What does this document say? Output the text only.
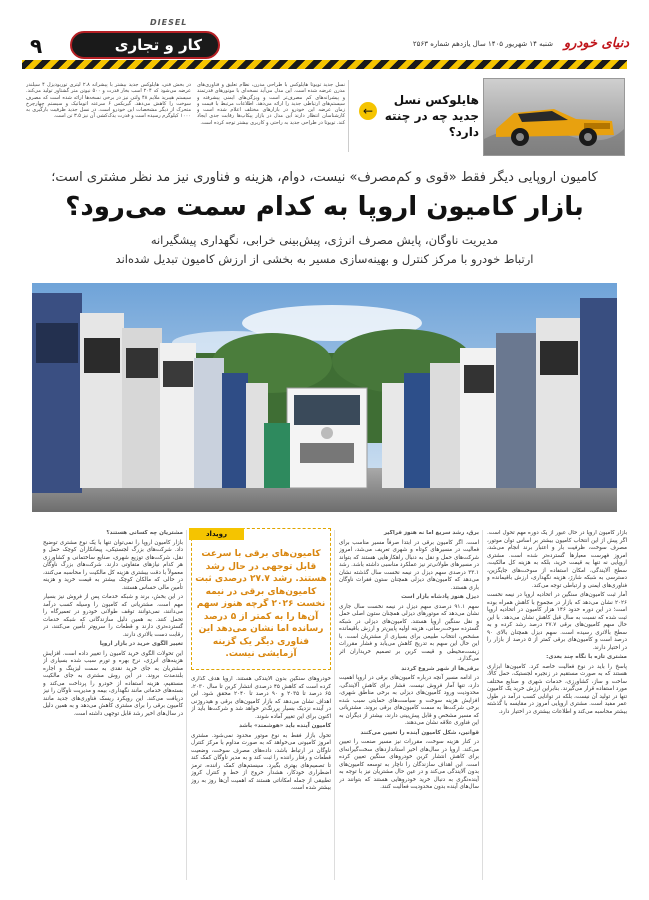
دنیای خودرو
شنبه ۱۴ شهریور ۱۴۰۵ سال یازدهم شماره ۲۵۶۳
DIESEL
کار و تجاری
۹
هایلوکس نسل جدید چه در چنته دارد؟
←
نسل جدید تویوتا هایلوکس با طراحی مدرن، نظام تعلیق و فناوری‌های مدرن عرضه شده است. این مدل می‌آید نسخه‌ای با موتورهای قدرتمند و پیشرانه‌های کم مصرف‌تر است و ویژگی‌های ایمنی پیشرفته و سیستم‌های ارتباطی جدید را ارائه می‌دهد. اطلاعات مرتبط با قیمت و زمان عرضه این خودرو در بازارهای مختلف اعلام شده است و کارشناسان انتظار دارند این مدل در بازار پیکاپ‌ها رقابت جدی ایجاد کند. تویوتا در طراحی جدید به راحتی و کاربری بیشتر توجه کرده است.
در بخش فنی، هایلوکس جدید بیشتر با پیشرانه ۲.۸ لیتری توربودیزل ۴ سیلندر عرضه می‌شود که ۲۰۴ اسب بخار قدرت و ۵۰۰ نیوتن متر گشتاور تولید می‌کند. سیستم هیبرید ملایم ۴۸ ولتی نیز در برخی نسخه‌ها ارائه شده است که مصرف سوخت را کاهش می‌دهد. گیربکس ۶ سرعته اتوماتیک و سیستم چهارچرخ متحرک از دیگر مشخصات این خودرو است. در نسل جدید ظرفیت بارگیری به ۱۰۰۰ کیلوگرم رسیده است و قدرت یدک‌کشی آن نیز ۳.۵ تن است.
کامیون اروپایی دیگر فقط «قوی و کم‌مصرف» نیست، دوام، هزینه و فناوری نیز مد نظر مشتری است؛
بازار کامیون اروپا به کدام سمت می‌رود؟
مدیریت ناوگان، پایش مصرف انرژی، پیش‌بینی خرابی، نگهداری پیشگیرانه
ارتباط خودرو با مرکز کنترل و بهینه‌سازی مسیر به بخشی از ارزش کامیون تبدیل شده‌اند

بازار کامیون اروپا در حال عبور از یک دوره مهم تحول است. اگر پیش از این انتخاب کامیون بیشتر بر اساس توان موتور، مصرف سوخت، ظرفیت بار و اعتبار برند انجام می‌شد، امروز فهرست معیارها گسترده‌تر شده است. مشتری اروپایی نه تنها به قیمت خرید، بلکه به هزینه کل مالکیت، سطح آلایندگی، امکان استفاده از سوخت‌های جایگزین، دسترسی به شبکه شارژ، هزینه نگهداری، ارزش باقیمانده و فناوری‌های ایمنی و ارتباطی توجه می‌کند.

آمار ثبت کامیون‌های سنگین در اتحادیه اروپا در نیمه نخست ۲۰۲۶ نشان می‌دهد که بازار در مجموع با کاهش همراه بوده است؛ در این دوره حدود ۱۴۶ هزار کامیون در اتحادیه اروپا ثبت شده که نسبت به سال قبل کاهش نشان می‌دهد. با این حال سهم کامیون‌های برقی ۲۷.۷ درصد رشد کرده و به سطح بالاتری رسیده است. سهم دیزل همچنان بالای ۹۰ درصد است و کامیون‌های برقی کمتر از ۵ درصد از بازار را در اختیار دارند.

مشتری تازه با نگاه چند بعدی:

پاسخ را باید در نوع فعالیت خاصه کرد. کامیون‌ها ابزاری هستند که به صورت مستقیم در زنجیره لجستیک، حمل کالا، ساخت و ساز، کشاورزی، خدمات شهری و صنایع مختلف مورد استفاده قرار می‌گیرند. بنابراین ارزش خرید یک کامیون تنها در تولید آن نیست، بلکه در توانایی کسب درآمد در طول عمر مفید است. مشتری اروپایی امروز در مقایسه با گذشته بیشتر محاسبه می‌کند و اطلاعات بیشتری در اختیار دارد.

برق، رشد سریع اما نه هنوز فراگیر

است. اگر کامیون برقی در ابتدا صرفاً مسیر مناسب برای فعالیت در مسیرهای کوتاه و شهری تعریف می‌شد، امروز شرکت‌های حمل و نقل به دنبال راهکارهایی هستند که بتواند در مسیرهای طولانی‌تر نیز عملکرد مناسبی داشته باشد. رشد ۳۳.۱ درصدی سهم دیزل در نیمه نخست سال گذشته نشان می‌دهد که کامیون‌های دیزلی همچنان ستون فقرات ناوگان باری هستند.

دیزل هنوز پادشاه بازار است

سهم ۹۱.۱ درصدی سهم دیزل در نیمه نخست سال جاری نشان می‌دهد که موتورهای دیزلی همچنان ستون اصلی حمل و نقل سنگین اروپا هستند. کامیون‌های دیزلی در شبکه گسترده سوخت‌رسانی، هزینه اولیه پایین‌تر و ارزش باقیمانده مشخص، انتخاب طبیعی برای بسیاری از مشتریان است. با این حال این سهم به تدریج کاهش می‌یابد و فشار مقررات زیست‌محیطی و قیمت کربن بر تصمیم خریداران اثر می‌گذارد.

برقی‌ها از شهر شروع کردند

در ادامه مسیر آنچه درباره کامیون‌های برقی در اروپا اهمیت دارد، تنها آمار فروش نیست. فشار برای کاهش آلایندگی، محدودیت ورود کامیون‌های دیزلی به برخی مناطق شهری، افزایش هزینه سوخت و سیاست‌های حمایتی سبب شده برخی شرکت‌ها به سمت کامیون‌های برقی بروند. مشتریانی که مسیر مشخص و قابل پیش‌بینی دارند، بیشتر از دیگران به این فناوری علاقه نشان می‌دهند.

قوانین، شکل کامیون آینده را تعیین می‌کنند

در کنار هزینه سوخت، مقررات نیز مسیر صنعت را تعیین می‌کند. اروپا در سال‌های اخیر استانداردهای سخت‌گیرانه‌ای برای کاهش انتشار کربن خودروهای سنگین تعیین کرده است. این اهداف سازندگان را ناچار به توسعه کامیون‌های بدون آلایندگی می‌کند و در عین حال مشتریان نیز با توجه به آینده‌نگری به دنبال خرید خودروهایی هستند که بتوانند در سال‌های آینده بدون محدودیت فعالیت کنند.

رویداد
کامیون‌های برقی با سرعت قابل توجهی در حال رشد هستند. رشد ۲۷.۷ درصدی ثبت کامیون‌های برقی در نیمه نخست ۲۰۲۶ گرچه هنوز سهم آن‌ها را به کمتر از ۵ درصد رسانده اما نشان می‌دهد این فناوری دیگر یک گزینه آزمایشی نیست.

خودروهای سنگین بدون آلایندگی هستند. اروپا هدف گذاری کرده است که کاهش ۴۵ درصدی انتشار کربن تا سال ۲۰۳۰، ۶۵ درصد تا ۲۰۳۵ و ۹۰ درصد تا ۲۰۴۰ محقق شود. این اهداف نشان می‌دهد که بازار کامیون‌های برقی و هیدروژنی در آینده نزدیک بسیار پررنگ‌تر خواهد شد و شرکت‌ها باید از اکنون برای این تغییر آماده شوند.

کامیون آینده باید «هوشمند» باشد

تحول بازار فقط به نوع موتور محدود نمی‌شود. مشتری امروز کامیونی می‌خواهد که به صورت مداوم با مرکز کنترل ناوگان در ارتباط باشد، داده‌های مصرف سوخت، وضعیت قطعات و رفتار راننده را ثبت کند و به مدیر ناوگان کمک کند تا تصمیم‌های بهتری بگیرد. سیستم‌های کمک راننده، ترمز اضطراری خودکار، هشدار خروج از خط و کنترل کروز تطبیقی از جمله امکاناتی هستند که اهمیت آن‌ها روز به روز بیشتر شده است.

مشتریان چه کسانی هستند؟

بازار کامیون اروپا را نمی‌توان تنها با یک نوع مشتری توضیح داد. شرکت‌های بزرگ لجستیکی، پیمانکاران کوچک حمل و نقل، شرکت‌های توزیع شهری، صنایع ساختمانی و کشاورزی هر کدام نیازهای متفاوتی دارند. شرکت‌های بزرگ ناوگان معمولاً با دقت بیشتری هزینه کل مالکیت را محاسبه می‌کنند، در حالی که مالکان کوچک بیشتر به قیمت خرید و هزینه تأمین مالی حساس هستند.

در این بخش، برند و شبکه خدمات پس از فروش نیز بسیار مهم است. مشتریانی که کامیون را وسیله کسب درآمد می‌دانند، نمی‌توانند توقف طولانی خودرو در تعمیرگاه را تحمل کنند. به همین دلیل سازندگانی که شبکه خدمات گسترده‌تری دارند و قطعات را سریع‌تر تأمین می‌کنند، در رقابت دست بالاتری دارند.

تغییر الگوی خرید در بازار اروپا

این تحولات الگوی خرید کامیون را تغییر داده است. افزایش هزینه‌های انرژی، نرخ بهره و تورم سبب شده بسیاری از مشتریان به جای خرید نقدی به سمت لیزینگ و اجاره بلندمدت بروند. در این روش مشتری به جای مالکیت مستقیم، هزینه استفاده از خودرو را پرداخت می‌کند و بسته‌های خدماتی مانند نگهداری، بیمه و مدیریت ناوگان را نیز دریافت می‌کند. این رویکرد ریسک فناوری‌های جدید مانند کامیون برقی را برای مشتری کاهش می‌دهد و به همین دلیل در سال‌های اخیر رشد قابل توجهی داشته است.
